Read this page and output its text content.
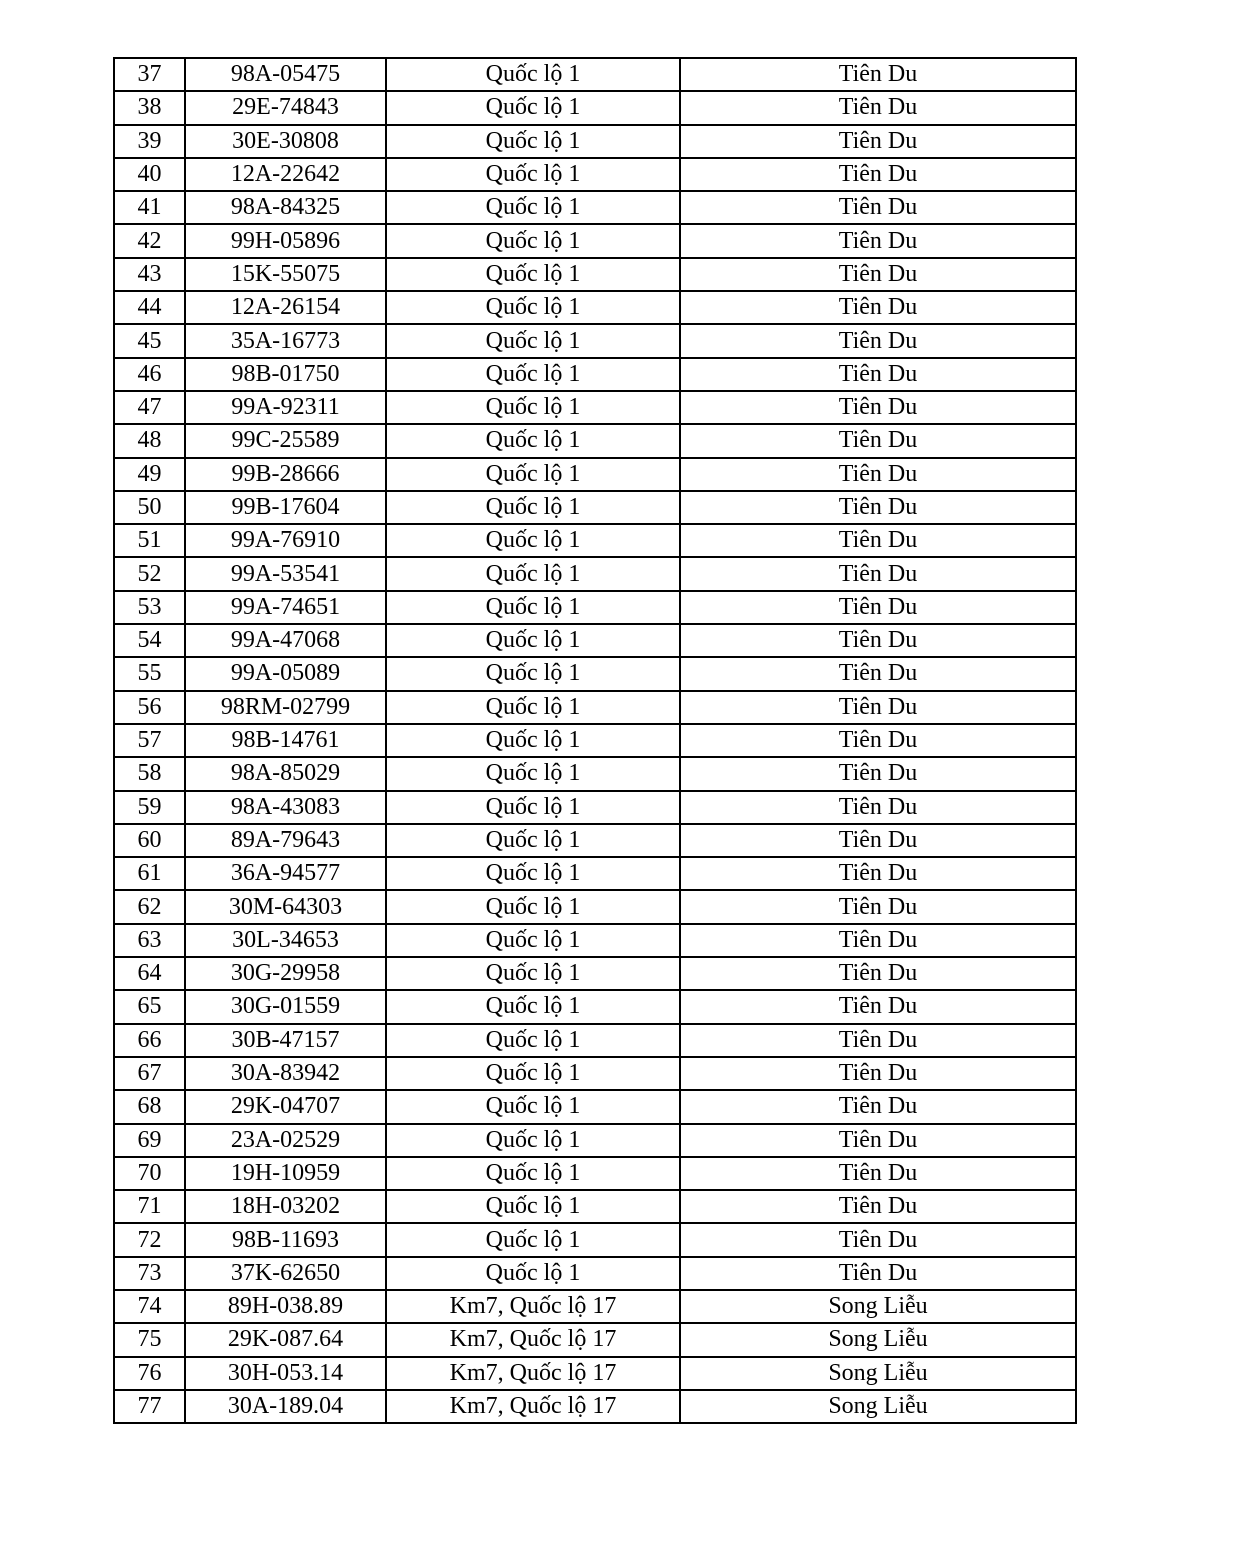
37	98A-05475	Quốc lộ 1	Tiên Du
38	29E-74843	Quốc lộ 1	Tiên Du
39	30E-30808	Quốc lộ 1	Tiên Du
40	12A-22642	Quốc lộ 1	Tiên Du
41	98A-84325	Quốc lộ 1	Tiên Du
42	99H-05896	Quốc lộ 1	Tiên Du
43	15K-55075	Quốc lộ 1	Tiên Du
44	12A-26154	Quốc lộ 1	Tiên Du
45	35A-16773	Quốc lộ 1	Tiên Du
46	98B-01750	Quốc lộ 1	Tiên Du
47	99A-92311	Quốc lộ 1	Tiên Du
48	99C-25589	Quốc lộ 1	Tiên Du
49	99B-28666	Quốc lộ 1	Tiên Du
50	99B-17604	Quốc lộ 1	Tiên Du
51	99A-76910	Quốc lộ 1	Tiên Du
52	99A-53541	Quốc lộ 1	Tiên Du
53	99A-74651	Quốc lộ 1	Tiên Du
54	99A-47068	Quốc lộ 1	Tiên Du
55	99A-05089	Quốc lộ 1	Tiên Du
56	98RM-02799	Quốc lộ 1	Tiên Du
57	98B-14761	Quốc lộ 1	Tiên Du
58	98A-85029	Quốc lộ 1	Tiên Du
59	98A-43083	Quốc lộ 1	Tiên Du
60	89A-79643	Quốc lộ 1	Tiên Du
61	36A-94577	Quốc lộ 1	Tiên Du
62	30M-64303	Quốc lộ 1	Tiên Du
63	30L-34653	Quốc lộ 1	Tiên Du
64	30G-29958	Quốc lộ 1	Tiên Du
65	30G-01559	Quốc lộ 1	Tiên Du
66	30B-47157	Quốc lộ 1	Tiên Du
67	30A-83942	Quốc lộ 1	Tiên Du
68	29K-04707	Quốc lộ 1	Tiên Du
69	23A-02529	Quốc lộ 1	Tiên Du
70	19H-10959	Quốc lộ 1	Tiên Du
71	18H-03202	Quốc lộ 1	Tiên Du
72	98B-11693	Quốc lộ 1	Tiên Du
73	37K-62650	Quốc lộ 1	Tiên Du
74	89H-038.89	Km7, Quốc lộ 17	Song Liễu
75	29K-087.64	Km7, Quốc lộ 17	Song Liễu
76	30H-053.14	Km7, Quốc lộ 17	Song Liễu
77	30A-189.04	Km7, Quốc lộ 17	Song Liễu
